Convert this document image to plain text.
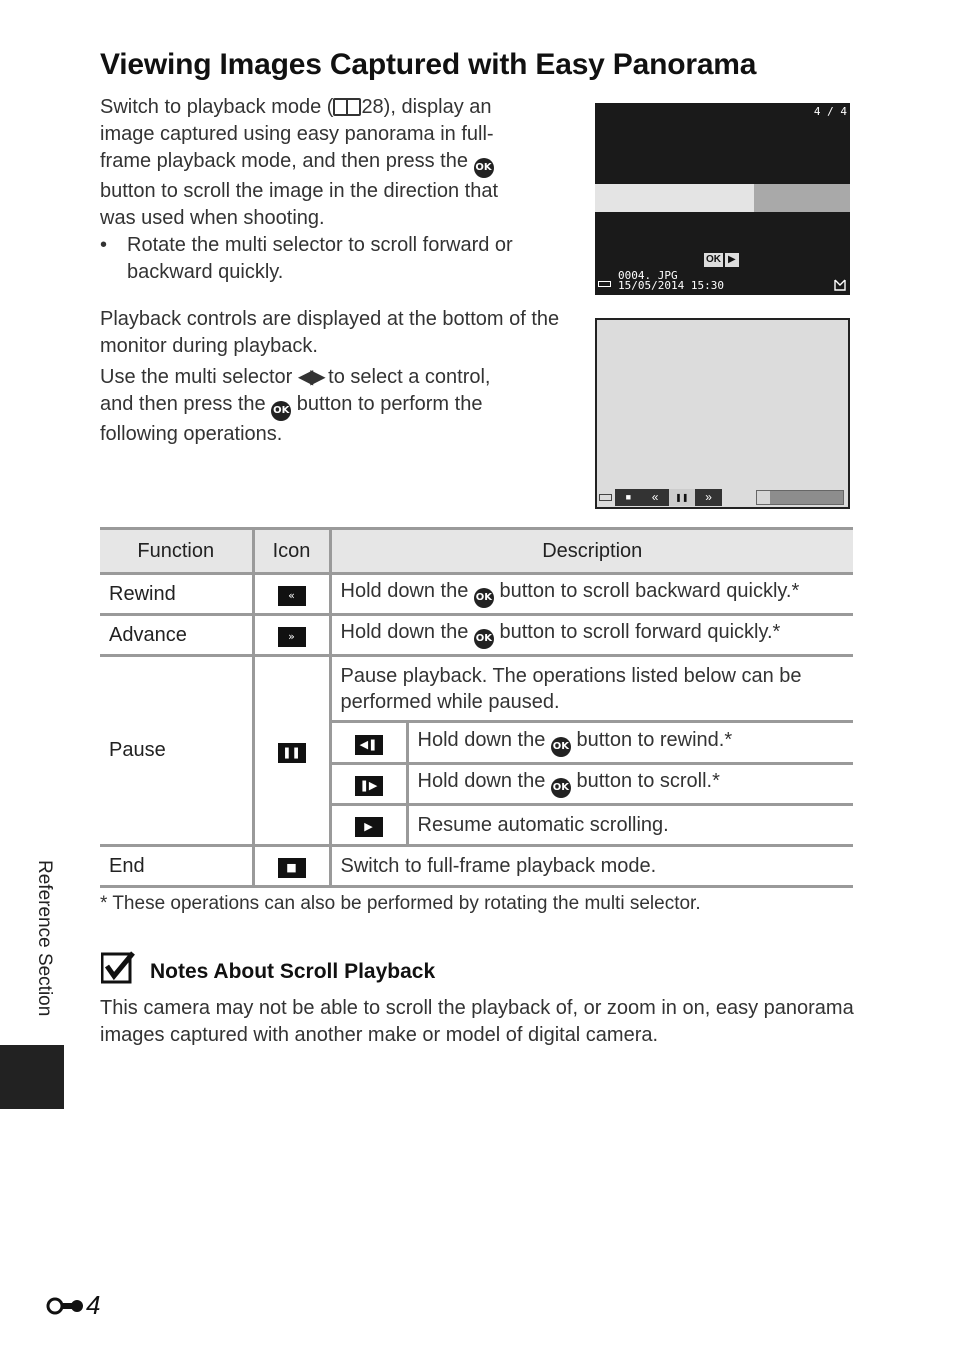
Viewing Images Captured with Easy Panorama
Switch to playback mode ( 28), display an
image captured using easy panorama in full-
frame playback mode, and then press the OK
button to scroll the image in the direction that
was used when shooting.
• Rotate the multi selector to scroll forward or backward quickly.
Playback controls are displayed at the bottom of the monitor during playback.
Use the multi selector ◀▶ to select a control,
and then press the OK button to perform the
following operations.
4 / 4
OK ▶
0004. JPG
15/05/2014 15:30
■	«	❚❚	»
Function	Icon	Description	
Rewind	«	Hold down the OK button to scroll backward quickly.*	
Advance	»	Hold down the OK button to scroll forward quickly.*	
Pause	❚❚	Pause playback. The operations listed below can be performed while paused.	
		◀❚	Hold down the OK button to rewind.*
		❚▶	Hold down the OK button to scroll.*
		▶	Resume automatic scrolling.
End	■	Switch to full-frame playback mode.	
* These operations can also be performed by rotating the multi selector.
Notes About Scroll Playback
This camera may not be able to scroll the playback of, or zoom in on, easy panorama images captured with another make or model of digital camera.
Reference Section
4
